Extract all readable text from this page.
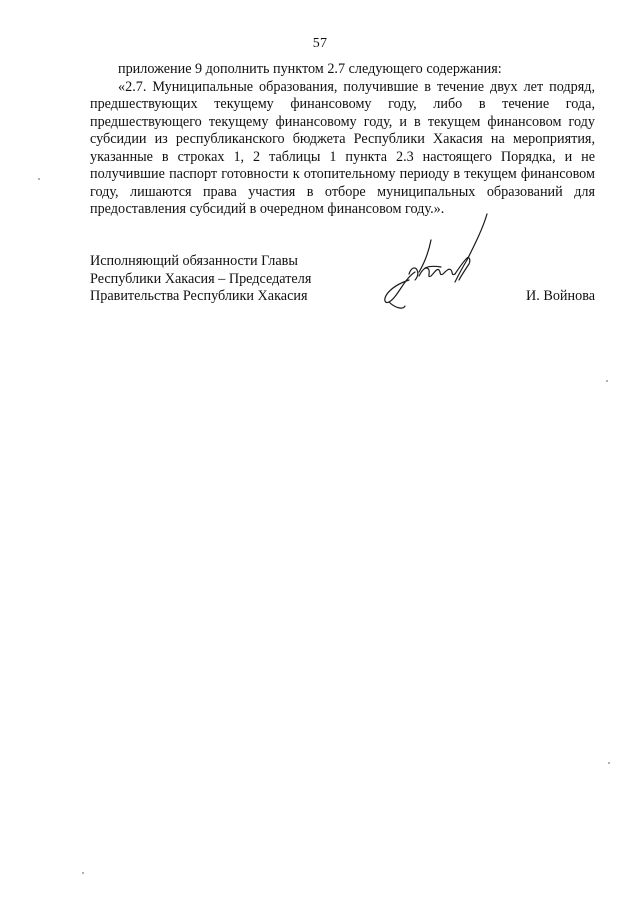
57

приложение 9 дополнить пунктом 2.7 следующего содержания:

«2.7. Муниципальные образования, получившие в течение двух лет подряд, предшествующих текущему финансовому году, либо в течение года, предшествующего текущему финансовому году, и в текущем финансовом году субсидии из республиканского бюджета Республики Хакасия на мероприятия, указанные в строках 1, 2 таблицы 1 пункта 2.3 настоящего Порядка, и не получившие паспорт готовности к отопительному периоду в текущем финансовом году, лишаются права участия в отборе муниципальных образований для предоставления субсидий в очередном финансовом году.».

Исполняющий обязанности Главы
Республики Хакасия – Председателя
Правительства Республики Хакасия	И. Войнова
